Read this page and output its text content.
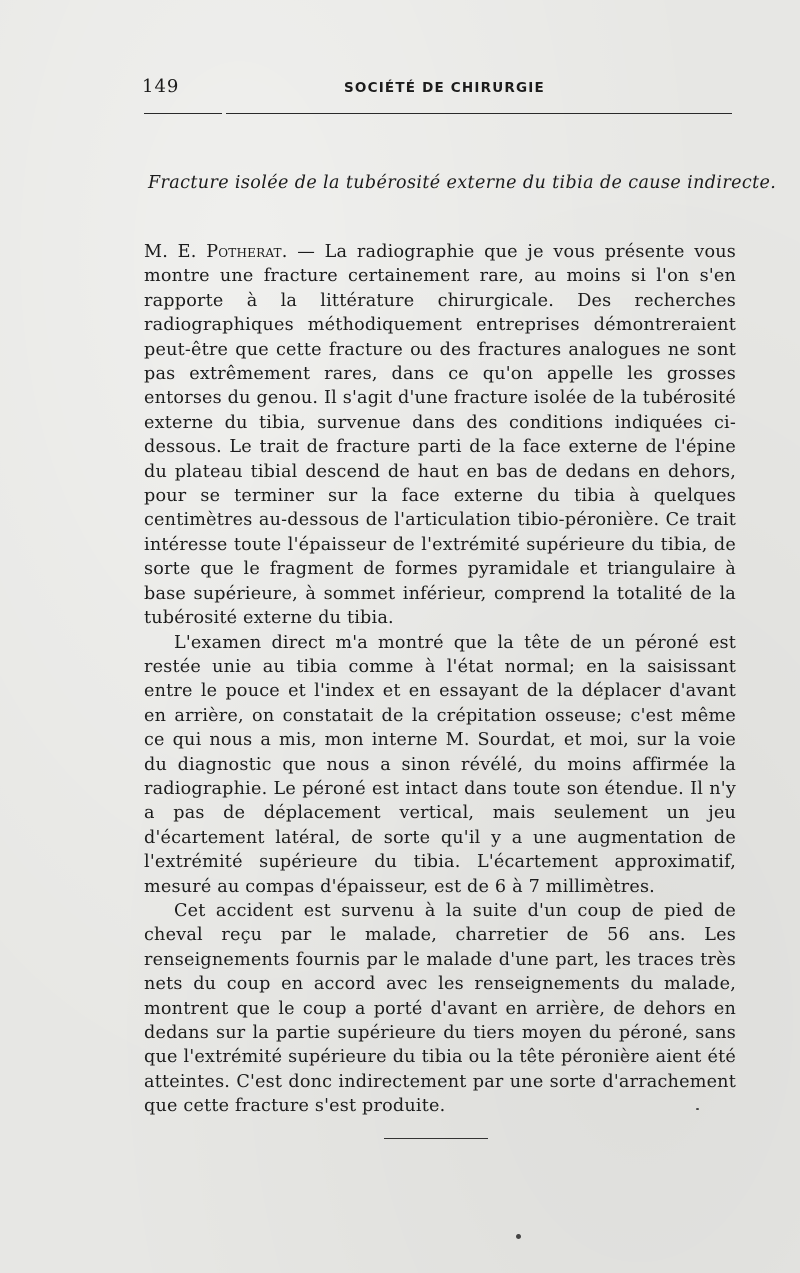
149	SOCIÉTÉ DE CHIRURGIE
Fracture isolée de la tubérosité externe du tibia de cause indirecte.

M. E. Potherat. — La radiographie que je vous présente vous montre une fracture certainement rare, au moins si l'on s'en rapporte à la littérature chirurgicale. Des recherches radiographiques méthodiquement entreprises démontreraient peut-être que cette fracture ou des fractures analogues ne sont pas extrêmement rares, dans ce qu'on appelle les grosses entorses du genou. Il s'agit d'une fracture isolée de la tubérosité externe du tibia, survenue dans des conditions indiquées ci-dessous. Le trait de fracture parti de la face externe de l'épine du plateau tibial descend de haut en bas de dedans en dehors, pour se terminer sur la face externe du tibia à quelques centimètres au-dessous de l'articulation tibio-péronière. Ce trait intéresse toute l'épaisseur de l'extrémité supérieure du tibia, de sorte que le fragment de formes pyramidale et triangulaire à base supérieure, à sommet inférieur, comprend la totalité de la tubérosité externe du tibia.

L'examen direct m'a montré que la tête de un péroné est restée unie au tibia comme à l'état normal; en la saisissant entre le pouce et l'index et en essayant de la déplacer d'avant en arrière, on constatait de la crépitation osseuse; c'est même ce qui nous a mis, mon interne M. Sourdat, et moi, sur la voie du diagnostic que nous a sinon révélé, du moins affirmée la radiographie. Le péroné est intact dans toute son étendue. Il n'y a pas de déplacement vertical, mais seulement un jeu d'écartement latéral, de sorte qu'il y a une augmentation de l'extrémité supérieure du tibia. L'écartement approximatif, mesuré au compas d'épaisseur, est de 6 à 7 millimètres.

Cet accident est survenu à la suite d'un coup de pied de cheval reçu par le malade, charretier de 56 ans. Les renseignements fournis par le malade d'une part, les traces très nets du coup en accord avec les renseignements du malade, montrent que le coup a porté d'avant en arrière, de dehors en dedans sur la partie supérieure du tiers moyen du péroné, sans que l'extrémité supérieure du tibia ou la tête péronière aient été atteintes. C'est donc indirectement par une sorte d'arrachement que cette fracture s'est produite.
